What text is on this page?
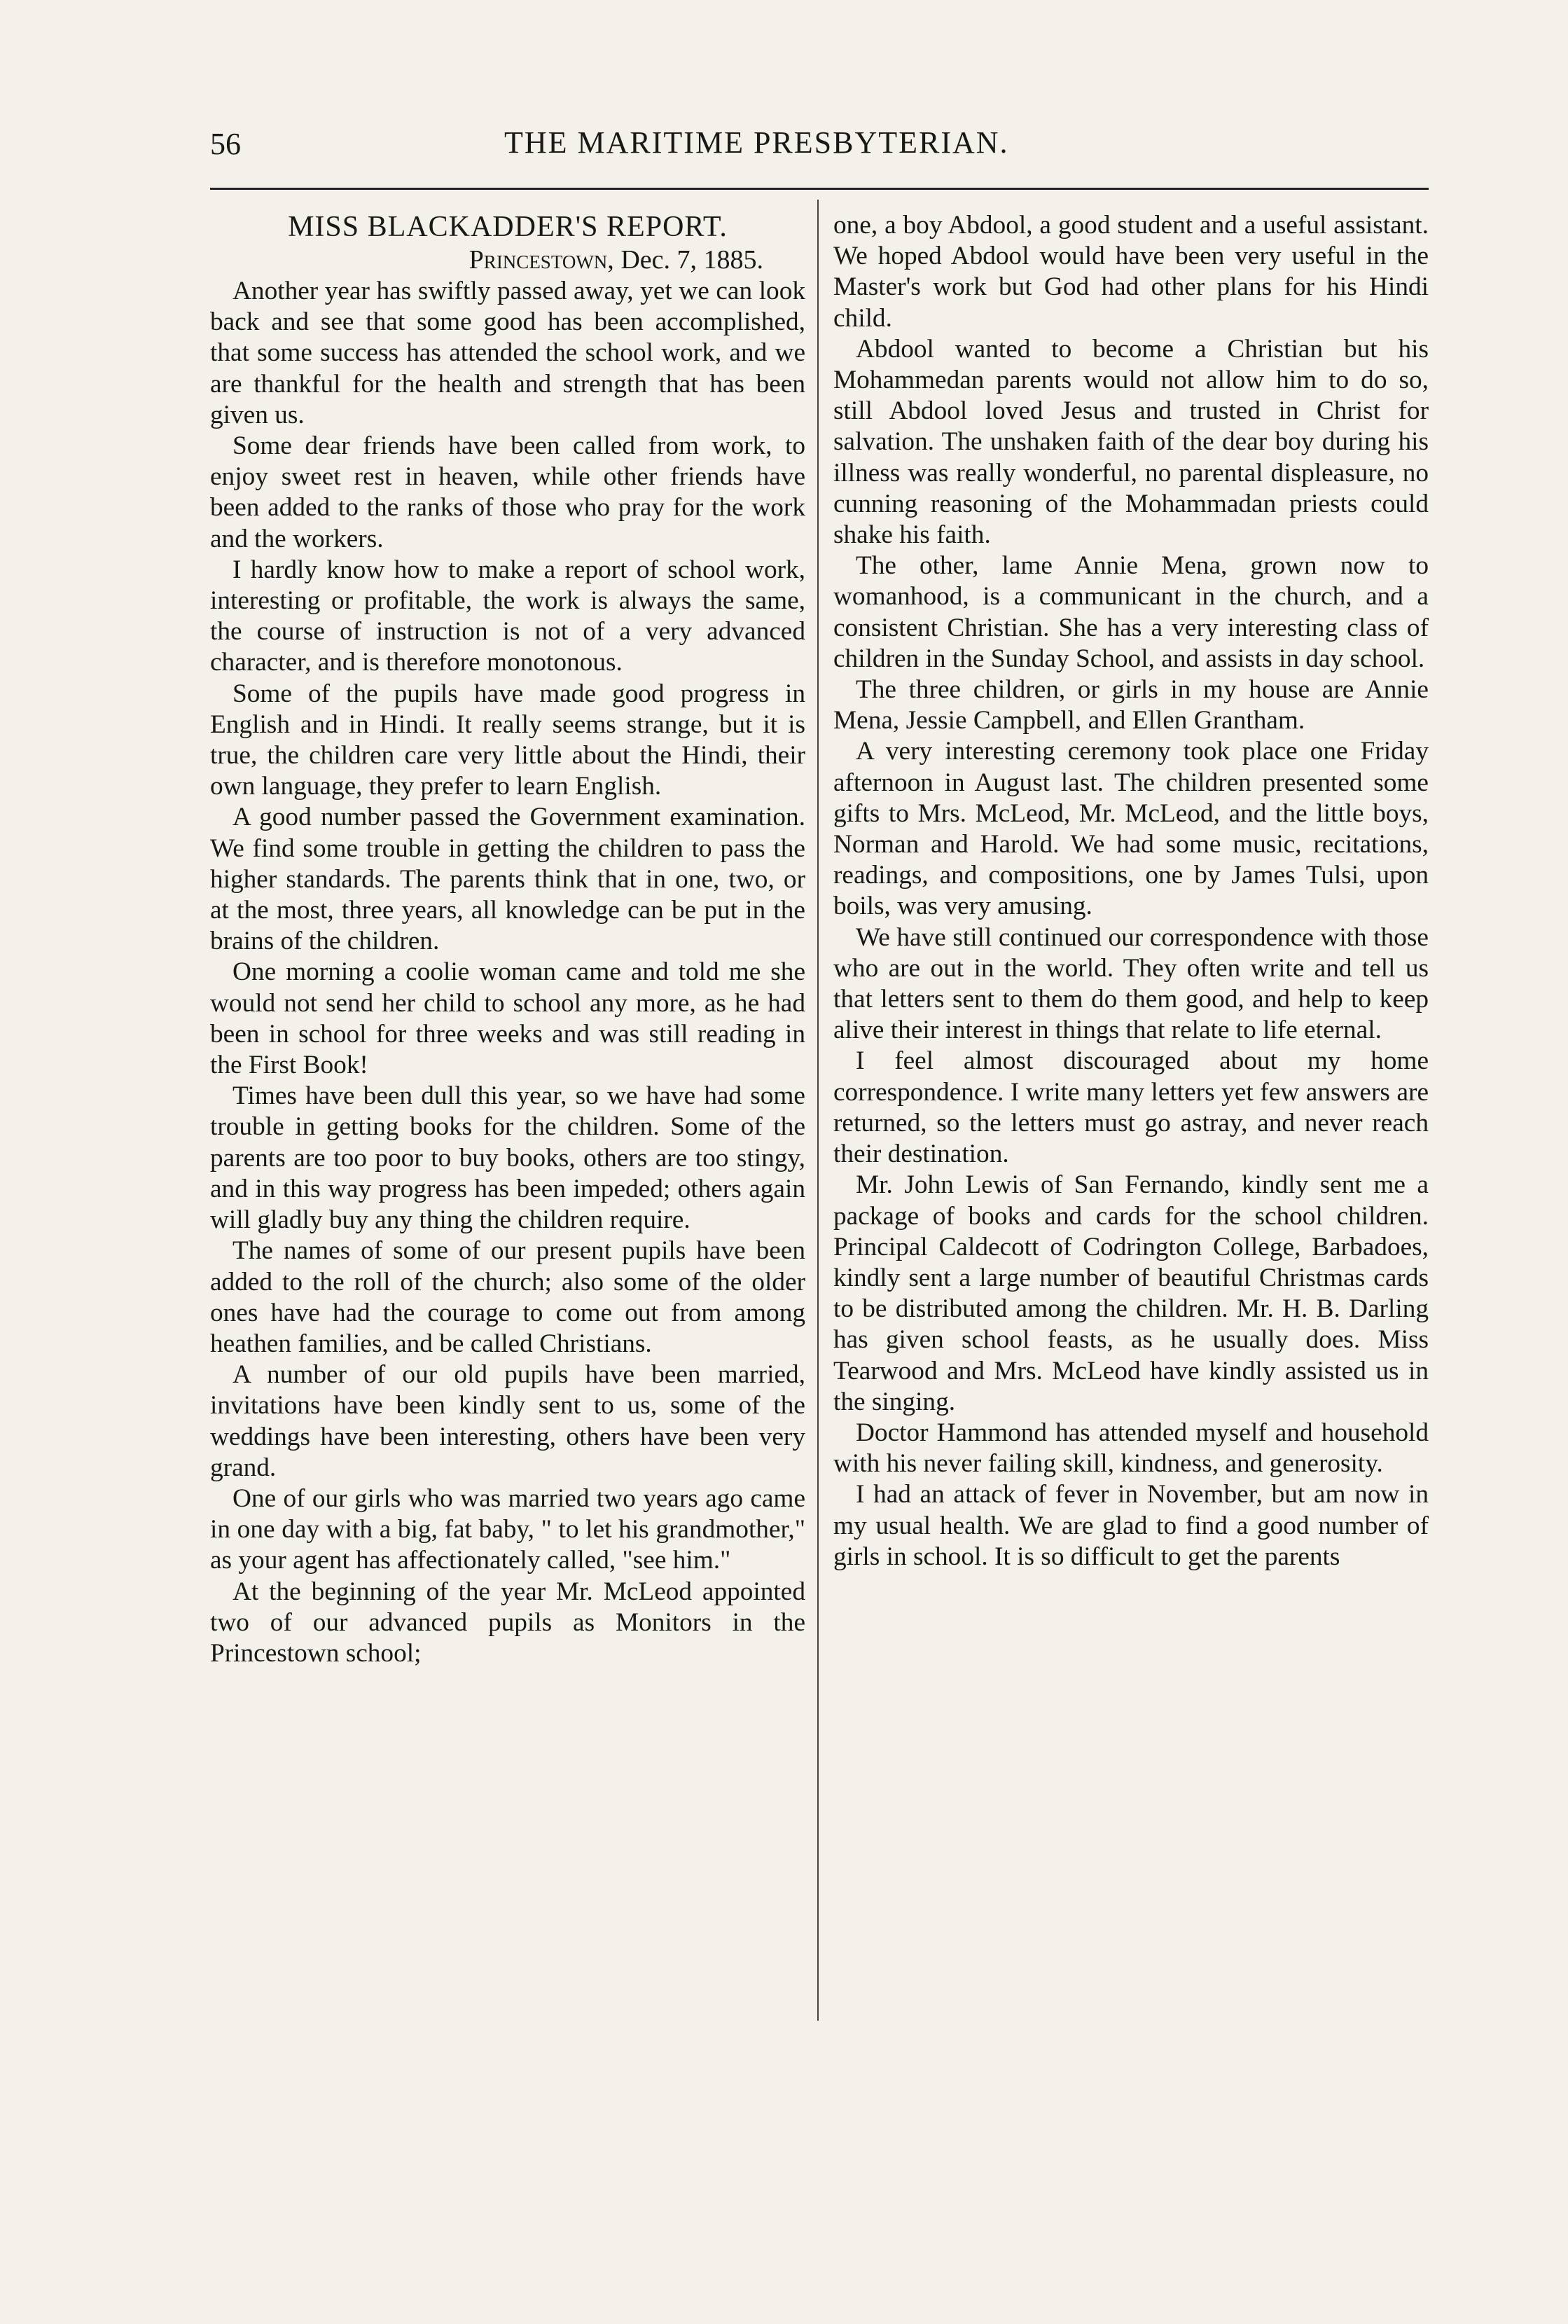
56	THE MARITIME PRESBYTERIAN.
MISS BLACKADDER'S REPORT.

Princestown, Dec. 7, 1885.

Another year has swiftly passed away, yet we can look back and see that some good has been accomplished, that some success has attended the school work, and we are thankful for the health and strength that has been given us.

Some dear friends have been called from work, to enjoy sweet rest in heaven, while other friends have been added to the ranks of those who pray for the work and the workers.

I hardly know how to make a report of school work, interesting or profitable, the work is always the same, the course of instruction is not of a very advanced character, and is therefore monotonous.

Some of the pupils have made good progress in English and in Hindi. It really seems strange, but it is true, the children care very little about the Hindi, their own language, they prefer to learn English.

A good number passed the Government examination. We find some trouble in getting the children to pass the higher standards. The parents think that in one, two, or at the most, three years, all knowledge can be put in the brains of the children.

One morning a coolie woman came and told me she would not send her child to school any more, as he had been in school for three weeks and was still reading in the First Book!

Times have been dull this year, so we have had some trouble in getting books for the children. Some of the parents are too poor to buy books, others are too stingy, and in this way progress has been impeded; others again will gladly buy any thing the children require.

The names of some of our present pupils have been added to the roll of the church; also some of the older ones have had the courage to come out from among heathen families, and be called Christians.

A number of our old pupils have been married, invitations have been kindly sent to us, some of the weddings have been interesting, others have been very grand.

One of our girls who was married two years ago came in one day with a big, fat baby, " to let his grandmother," as your agent has affectionately called, "see him."

At the beginning of the year Mr. McLeod appointed two of our advanced pupils as Monitors in the Princestown school;

one, a boy Abdool, a good student and a useful assistant. We hoped Abdool would have been very useful in the Master's work but God had other plans for his Hindi child.

Abdool wanted to become a Christian but his Mohammedan parents would not allow him to do so, still Abdool loved Jesus and trusted in Christ for salvation. The unshaken faith of the dear boy during his illness was really wonderful, no parental displeasure, no cunning reasoning of the Mohammadan priests could shake his faith.

The other, lame Annie Mena, grown now to womanhood, is a communicant in the church, and a consistent Christian. She has a very interesting class of children in the Sunday School, and assists in day school.

The three children, or girls in my house are Annie Mena, Jessie Campbell, and Ellen Grantham.

A very interesting ceremony took place one Friday afternoon in August last. The children presented some gifts to Mrs. McLeod, Mr. McLeod, and the little boys, Norman and Harold. We had some music, recitations, readings, and compositions, one by James Tulsi, upon boils, was very amusing.

We have still continued our correspondence with those who are out in the world. They often write and tell us that letters sent to them do them good, and help to keep alive their interest in things that relate to life eternal.

I feel almost discouraged about my home correspondence. I write many letters yet few answers are returned, so the letters must go astray, and never reach their destination.

Mr. John Lewis of San Fernando, kindly sent me a package of books and cards for the school children. Principal Caldecott of Codrington College, Barbadoes, kindly sent a large number of beautiful Christmas cards to be distributed among the children. Mr. H. B. Darling has given school feasts, as he usually does. Miss Tearwood and Mrs. McLeod have kindly assisted us in the singing.

Doctor Hammond has attended myself and household with his never failing skill, kindness, and generosity.

I had an attack of fever in November, but am now in my usual health. We are glad to find a good number of girls in school. It is so difficult to get the parents
